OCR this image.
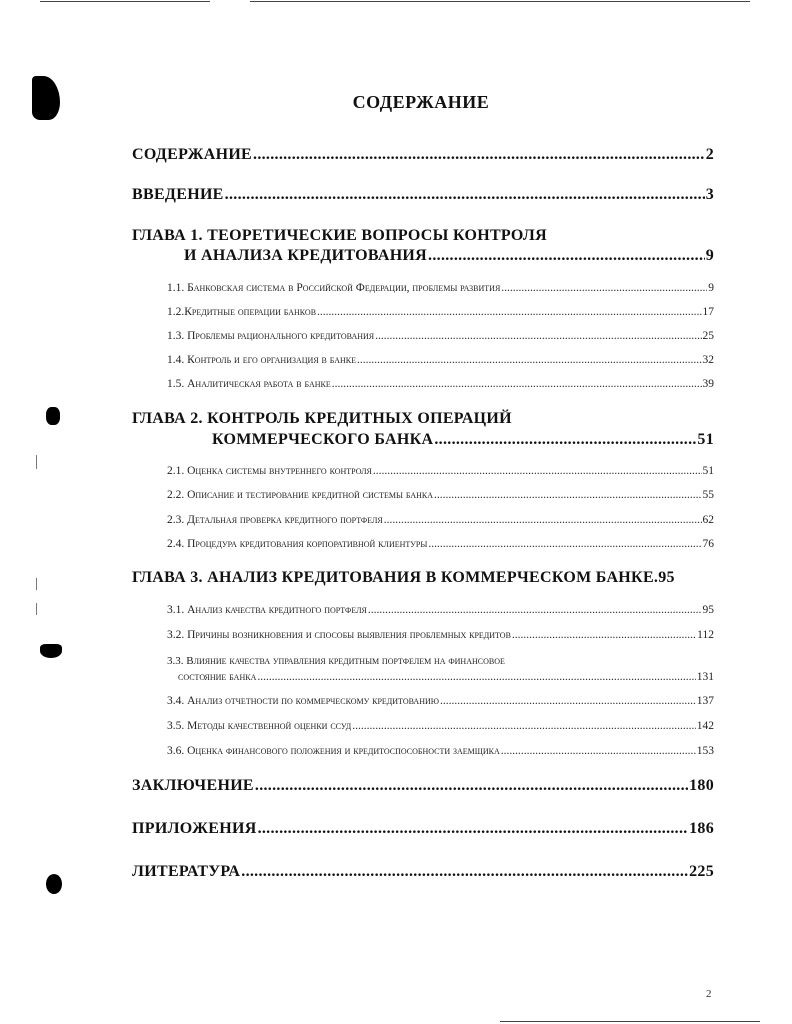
СОДЕРЖАНИЕ
СОДЕРЖАНИЕ .....	2
ВВЕДЕНИЕ .....	3
ГЛАВА 1. ТЕОРЕТИЧЕСКИЕ ВОПРОСЫ КОНТРОЛЯ
И АНАЛИЗА КРЕДИТОВАНИЯ .....	9
1.1. Банковская система в Российской Федерации, проблемы развития .....	9
1.2.Кредитные операции банков .....	17
1.3. Проблемы рационального кредитования .....	25
1.4. Контроль и его организация в банке .....	32
1.5. Аналитическая работа в банке .....	39
ГЛАВА 2. КОНТРОЛЬ КРЕДИТНЫХ ОПЕРАЦИЙ
КОММЕРЧЕСКОГО БАНКА .....	51
2.1. Оценка системы внутреннего контроля .....	51
2.2. Описание и тестирование кредитной системы банка .....	55
2.3. Детальная проверка кредитного портфеля .....	62
2.4. Процедура кредитования корпоративной клиентуры .....	76
ГЛАВА 3. АНАЛИЗ КРЕДИТОВАНИЯ В КОММЕРЧЕСКОМ БАНКЕ. 95
3.1. Анализ качества кредитного портфеля .....	95
3.2. Причины возникновения и способы выявления проблемных кредитов .....	112
3.3. Влияние качества управления кредитным портфелем на финансовое
состояние банка .....	131
3.4. Анализ отчетности по коммерческому кредитованию .....	137
3.5. Методы качественной оценки ссуд .....	142
3.6. Оценка финансового положения и кредитоспособности заемщика .....	153
ЗАКЛЮЧЕНИЕ .....	180
ПРИЛОЖЕНИЯ .....	186
ЛИТЕРАТУРА .....	225
2
